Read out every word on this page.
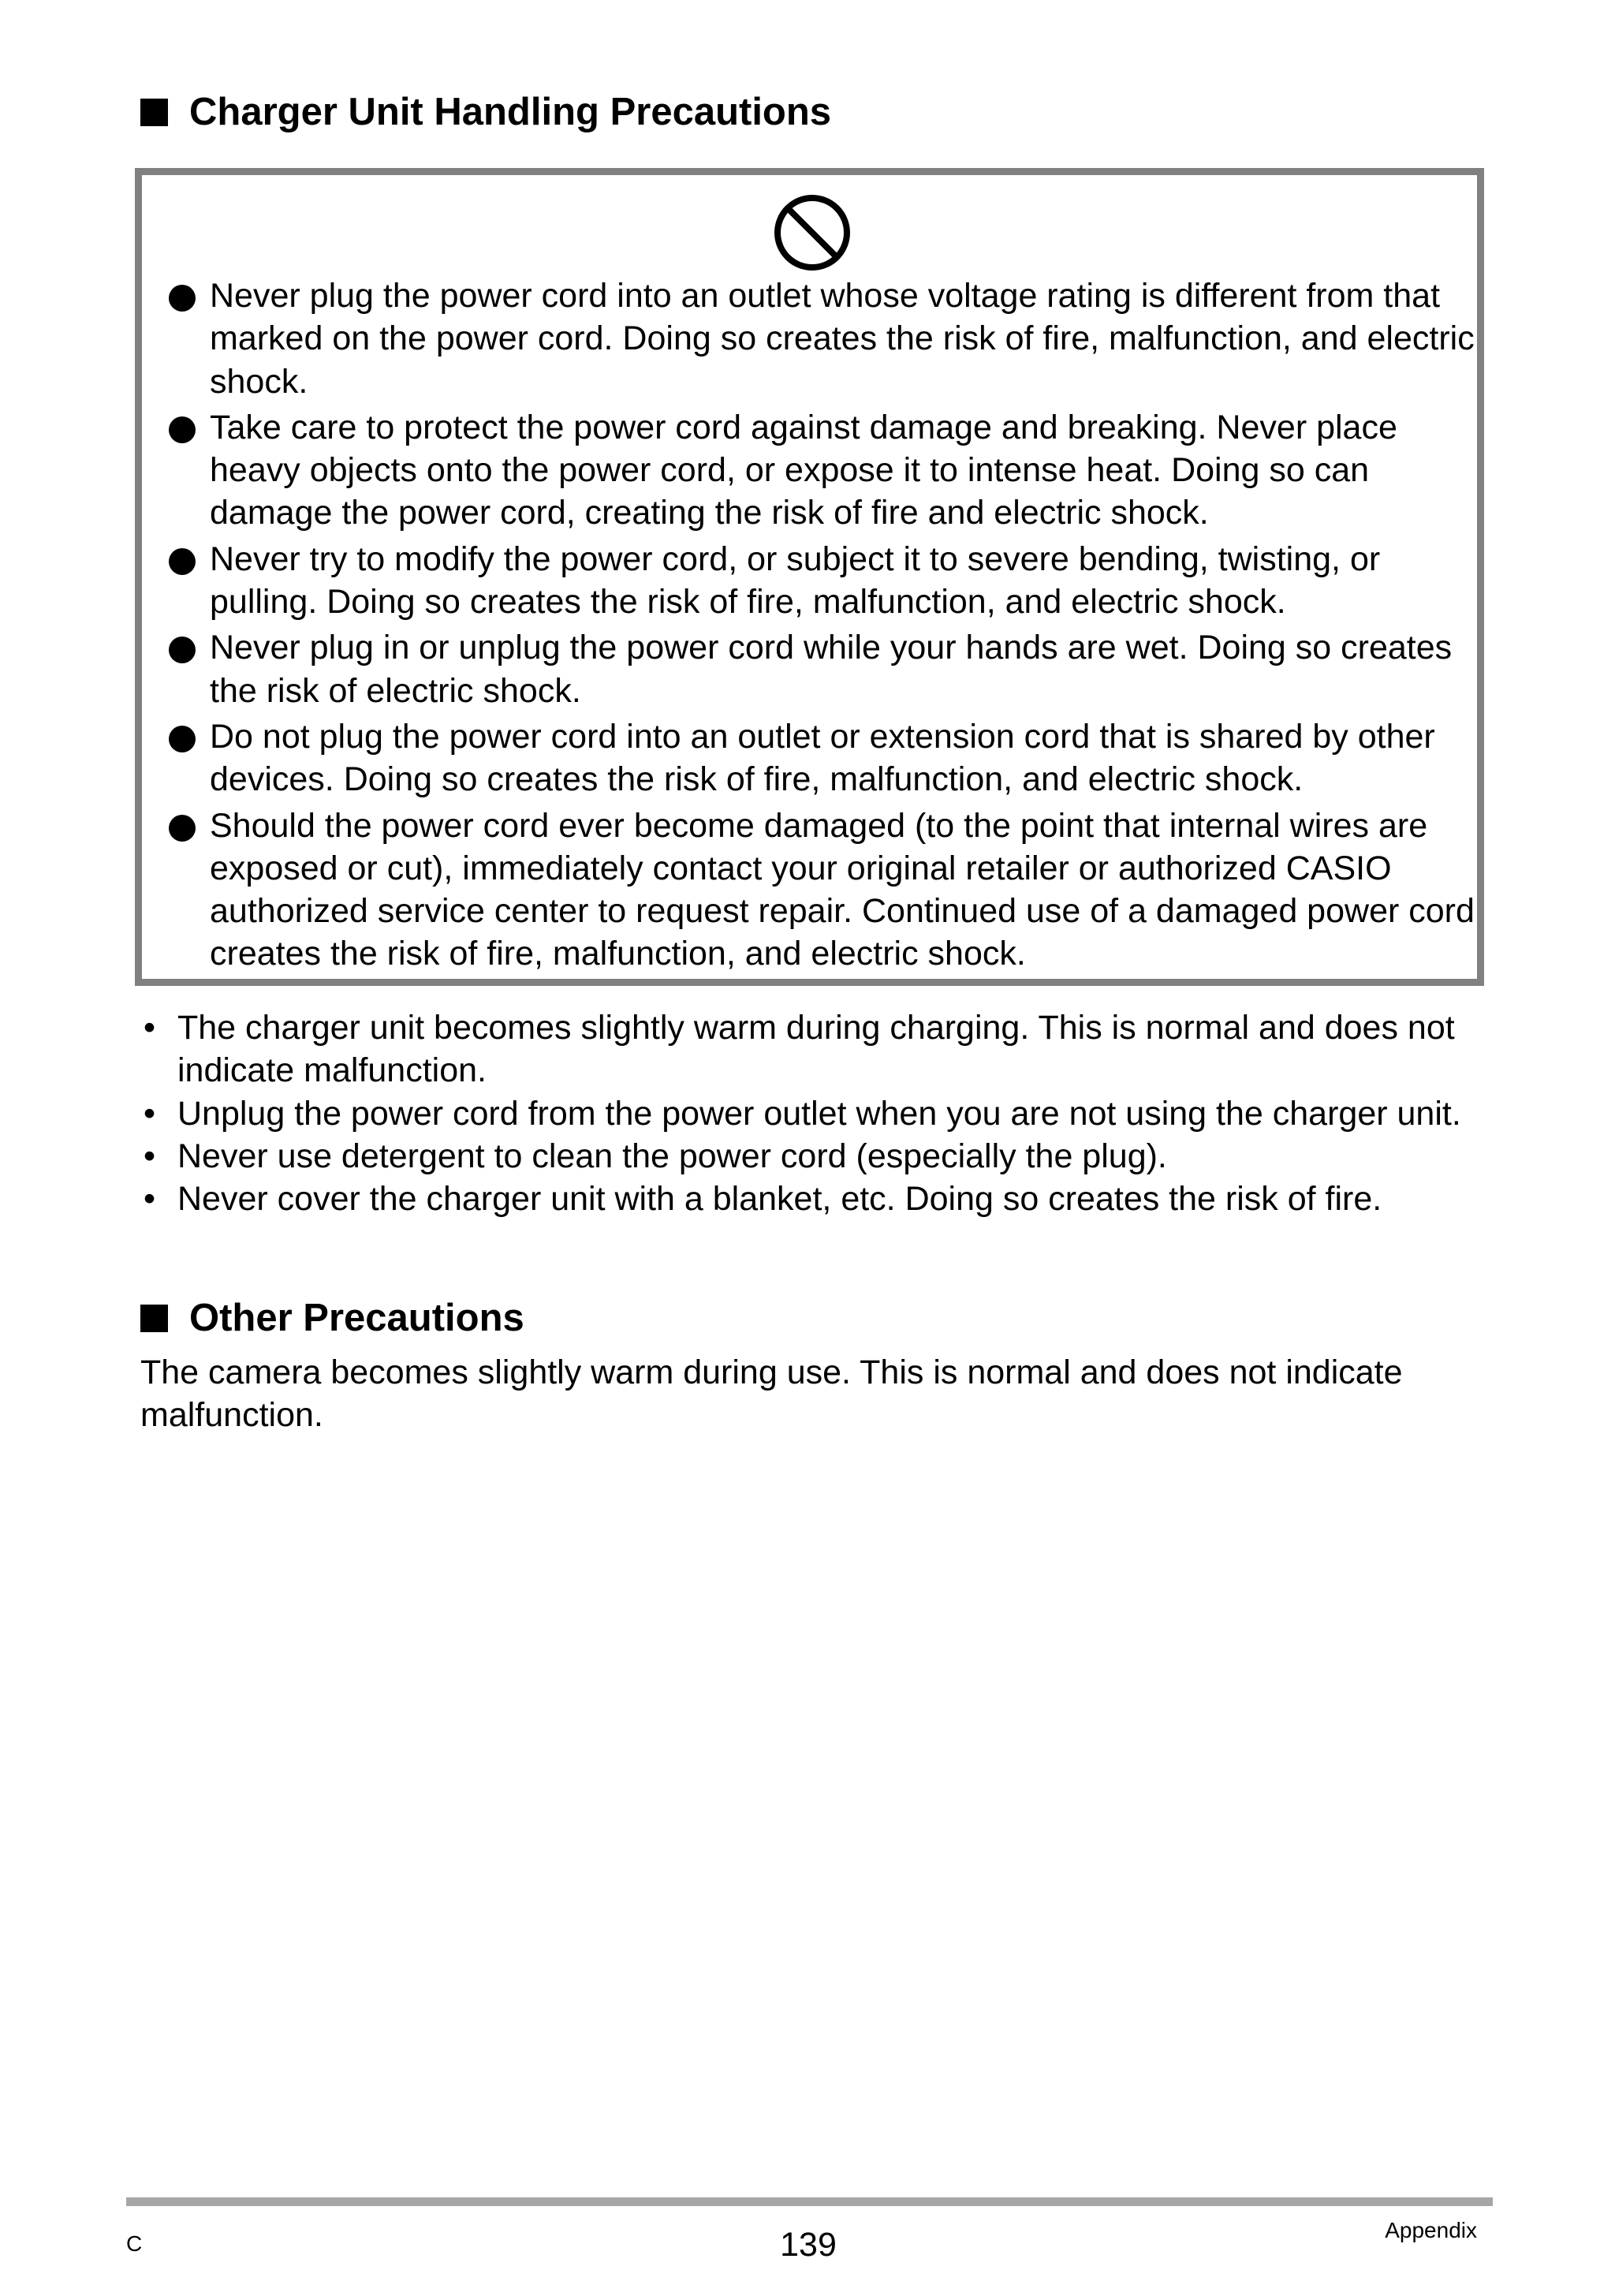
Charger Unit Handling Precautions
Never plug the power cord into an outlet whose voltage rating is different from that marked on the power cord. Doing so creates the risk of fire, malfunction, and electric shock.
Take care to protect the power cord against damage and breaking. Never place heavy objects onto the power cord, or expose it to intense heat. Doing so can damage the power cord, creating the risk of fire and electric shock.
Never try to modify the power cord, or subject it to severe bending, twisting, or pulling. Doing so creates the risk of fire, malfunction, and electric shock.
Never plug in or unplug the power cord while your hands are wet. Doing so creates the risk of electric shock.
Do not plug the power cord into an outlet or extension cord that is shared by other devices. Doing so creates the risk of fire, malfunction, and electric shock.
Should the power cord ever become damaged (to the point that internal wires are exposed or cut), immediately contact your original retailer or authorized CASIO authorized service center to request repair. Continued use of a damaged power cord creates the risk of fire, malfunction, and electric shock.
• The charger unit becomes slightly warm during charging. This is normal and does not indicate malfunction.
• Unplug the power cord from the power outlet when you are not using the charger unit.
• Never use detergent to clean the power cord (especially the plug).
• Never cover the charger unit with a blanket, etc. Doing so creates the risk of fire.
Other Precautions

The camera becomes slightly warm during use. This is normal and does not indicate malfunction.

C	139	Appendix
